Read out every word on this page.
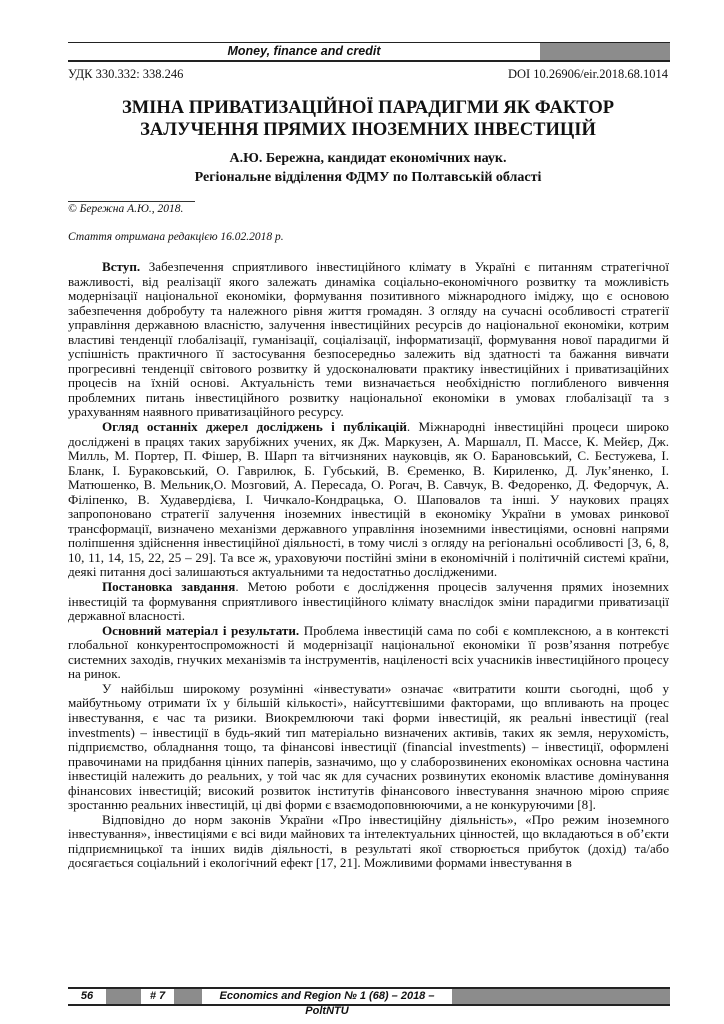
Money, finance and credit
УДК 330.332: 338.246	DOI 10.26906/eir.2018.68.1014
ЗМІНА ПРИВАТИЗАЦІЙНОЇ ПАРАДИГМИ ЯК ФАКТОР
ЗАЛУЧЕННЯ ПРЯМИХ ІНОЗЕМНИХ ІНВЕСТИЦІЙ
А.Ю. Бережна, кандидат економічних наук.
Регіональне відділення ФДМУ по Полтавській області
© Бережна А.Ю., 2018.
Стаття отримана редакцією 16.02.2018 р.

Вступ. Забезпечення сприятливого інвестиційного клімату в Україні є питанням стратегічної важливості, від реалізації якого залежать динаміка соціально-економічного розвитку та можливість модернізації національної економіки, формування позитивного міжнародного іміджу, що є основою забезпечення добробуту та належного рівня життя громадян. З огляду на сучасні особливості стратегії управління державною власністю, залучення інвестиційних ресурсів до національної економіки, котрим властиві тенденції глобалізації, гуманізації, соціалізації, інформатизації, формування нової парадигми й успішність практичного її застосування безпосередньо залежить від здатності та бажання вивчати прогресивні тенденції світового розвитку й удосконалювати практику інвестиційних і приватизаційних процесів на їхній основі. Актуальність теми визначається необхідністю поглибленого вивчення проблемних питань інвестиційного розвитку національної економіки в умовах глобалізації та з урахуванням наявного приватизаційного ресурсу.

Огляд останніх джерел досліджень і публікацій. Міжнародні інвестиційні процеси широко досліджені в працях таких зарубіжних учених, як Дж. Маркузен, А. Маршалл, П. Массе, К. Мейєр, Дж. Милль, М. Портер, П. Фішер, В. Шарп та вітчизняних науковців, як О. Барановський, С. Бестужева, І. Бланк, І. Бураковський, О. Гаврилюк, Б. Губський, В. Єременко, В. Кириленко, Д. Лук’яненко, І. Матюшенко, В. Мельник,О. Мозговий, А. Пересада, О. Рогач, В. Савчук, В. Федоренко, Д. Федорчук, А. Філіпенко, В. Худавердієва, І. Чичкало-Кондрацька, О. Шаповалов та інші. У наукових працях запропоновано стратегії залучення іноземних інвестицій в економіку України в умовах ринкової трансформації, визначено механізми державного управління іноземними інвестиціями, основні напрями поліпшення здійснення інвестиційної діяльності, в тому числі з огляду на регіональні особливості [3, 6, 8, 10, 11, 14, 15, 22, 25 – 29]. Та все ж, ураховуючи постійні зміни в економічній і політичній системі країни, деякі питання досі залишаються актуальними та недостатньо дослідженими.

Постановка завдання. Метою роботи є дослідження процесів залучення прямих іноземних інвестицій та формування сприятливого інвестиційного клімату внаслідок зміни парадигми приватизації державної власності.

Основний матеріал і результати. Проблема інвестицій сама по собі є комплексною, а в контексті глобальної конкурентоспроможності й модернізації національної економіки її розв’язання потребує системних заходів, гнучких механізмів та інструментів, націленості всіх учасників інвестиційного процесу на ринок.

У найбільш широкому розумінні «інвестувати» означає «витратити кошти сьогодні, щоб у майбутньому отримати їх у більшій кількості», найсуттєвішими факторами, що впливають на процес інвестування, є час та ризики. Виокремлюючи такі форми інвестицій, як реальні інвестиції (real investments) – інвестиції в будь-який тип матеріально визначених активів, таких як земля, нерухомість, підприємство, обладнання тощо, та фінансові інвестиції (financial investments) – інвестиції, оформлені правочинами на придбання цінних паперів, зазначимо, що у слаборозвинених економіках основна частина інвестицій належить до реальних, у той час як для сучасних розвинутих економік властиве домінування фінансових інвестицій; високий розвиток інститутів фінансового інвестування значною мірою сприяє зростанню реальних інвестицій, ці дві форми є взаємодоповнюючими, а не конкуруючими [8].

Відповідно до норм законів України «Про інвестиційну діяльність», «Про режим іноземного інвестування», інвестиціями є всі види майнових та інтелектуальних цінностей, що вкладаються в об’єкти підприємницької та інших видів діяльності, в результаті якої створюється прибуток (дохід) та/або досягається соціальний і екологічний ефект [17, 21]. Можливими формами інвестування в

56	# 7	Economics and Region № 1 (68) – 2018 – PoltNTU
